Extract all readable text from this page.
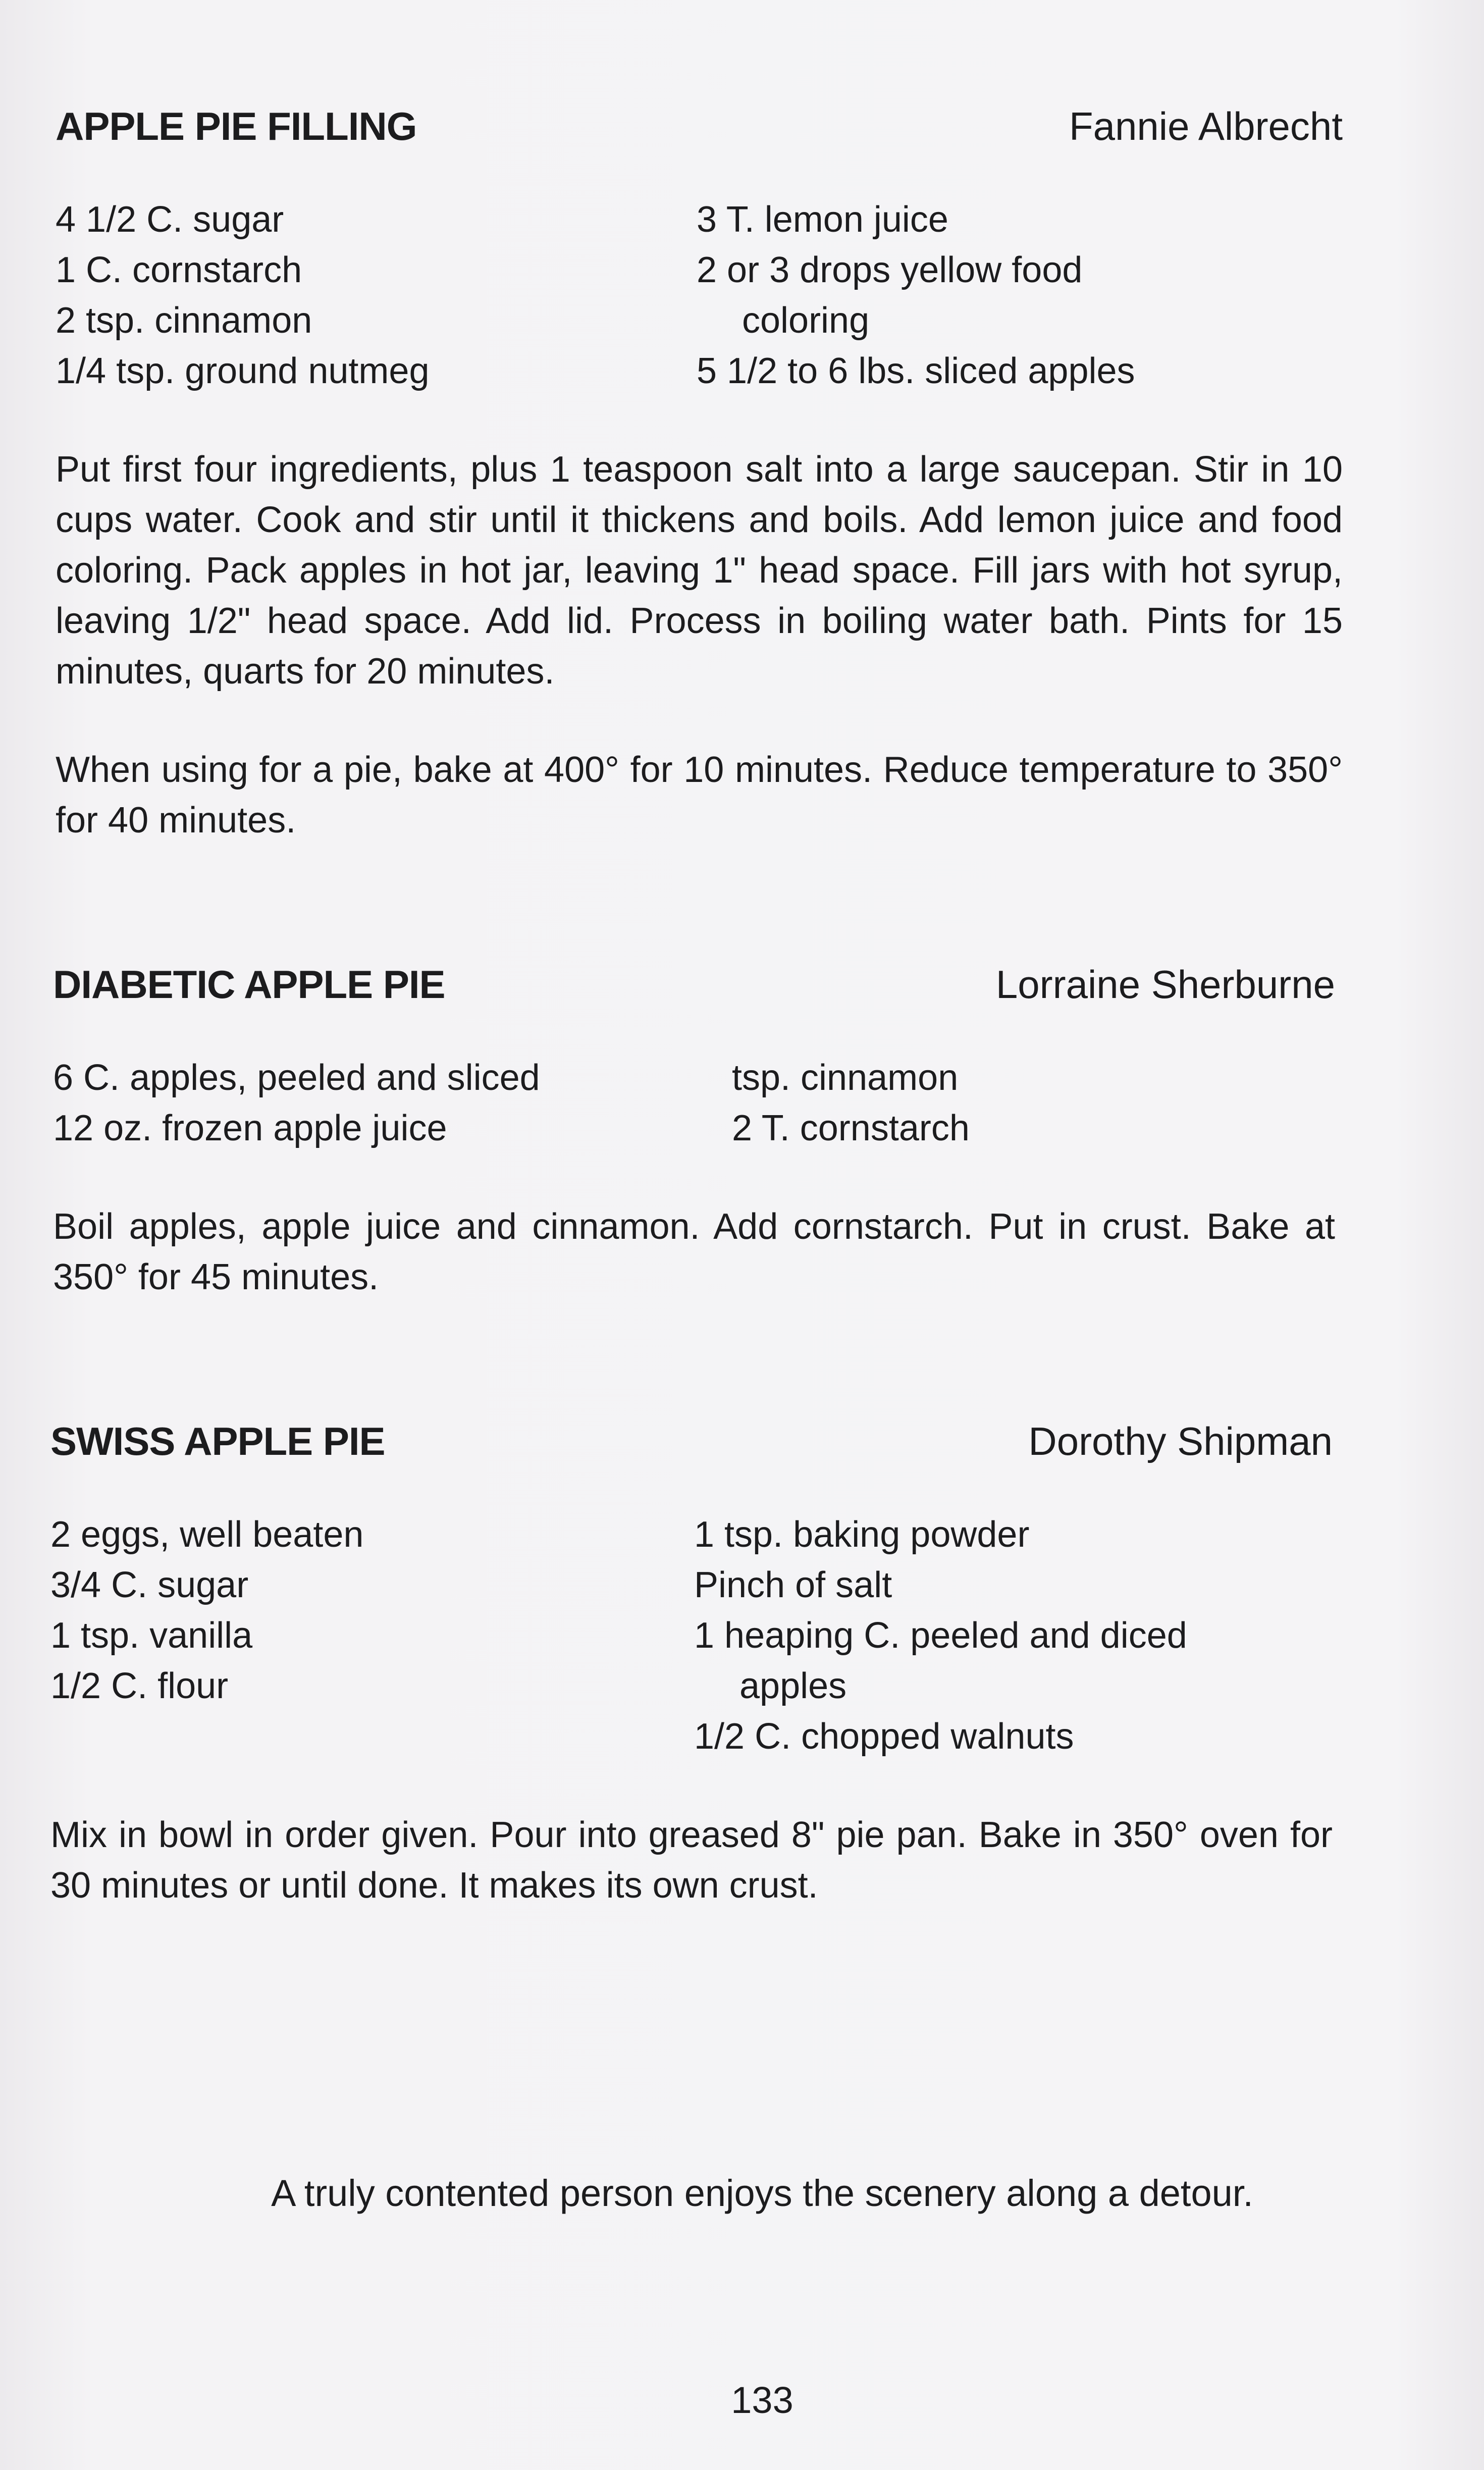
APPLE PIE FILLING	Fannie Albrecht
4 1/2 C. sugar
1 C. cornstarch
2 tsp. cinnamon
1/4 tsp. ground nutmeg
3 T. lemon juice
2 or 3 drops yellow food
coloring
5 1/2 to 6 lbs. sliced apples

Put first four ingredients, plus 1 teaspoon salt into a large saucepan. Stir in 10 cups water. Cook and stir until it thickens and boils. Add lemon juice and food coloring. Pack apples in hot jar, leaving 1" head space. Fill jars with hot syrup, leaving 1/2" head space. Add lid. Process in boiling water bath. Pints for 15 minutes, quarts for 20 minutes.

When using for a pie, bake at 400° for 10 minutes. Reduce temperature to 350° for 40 minutes.

DIABETIC APPLE PIE	Lorraine Sherburne
6 C. apples, peeled and sliced
12 oz. frozen apple juice
tsp. cinnamon
2 T. cornstarch

Boil apples, apple juice and cinnamon. Add cornstarch. Put in crust. Bake at 350° for 45 minutes.

SWISS APPLE PIE	Dorothy Shipman
2 eggs, well beaten
3/4 C. sugar
1 tsp. vanilla
1/2 C. flour
1 tsp. baking powder
Pinch of salt
1 heaping C. peeled and diced
apples
1/2 C. chopped walnuts

Mix in bowl in order given. Pour into greased 8" pie pan. Bake in 350° oven for 30 minutes or until done. It makes its own crust.

A truly contented person enjoys the scenery along a detour.
133
